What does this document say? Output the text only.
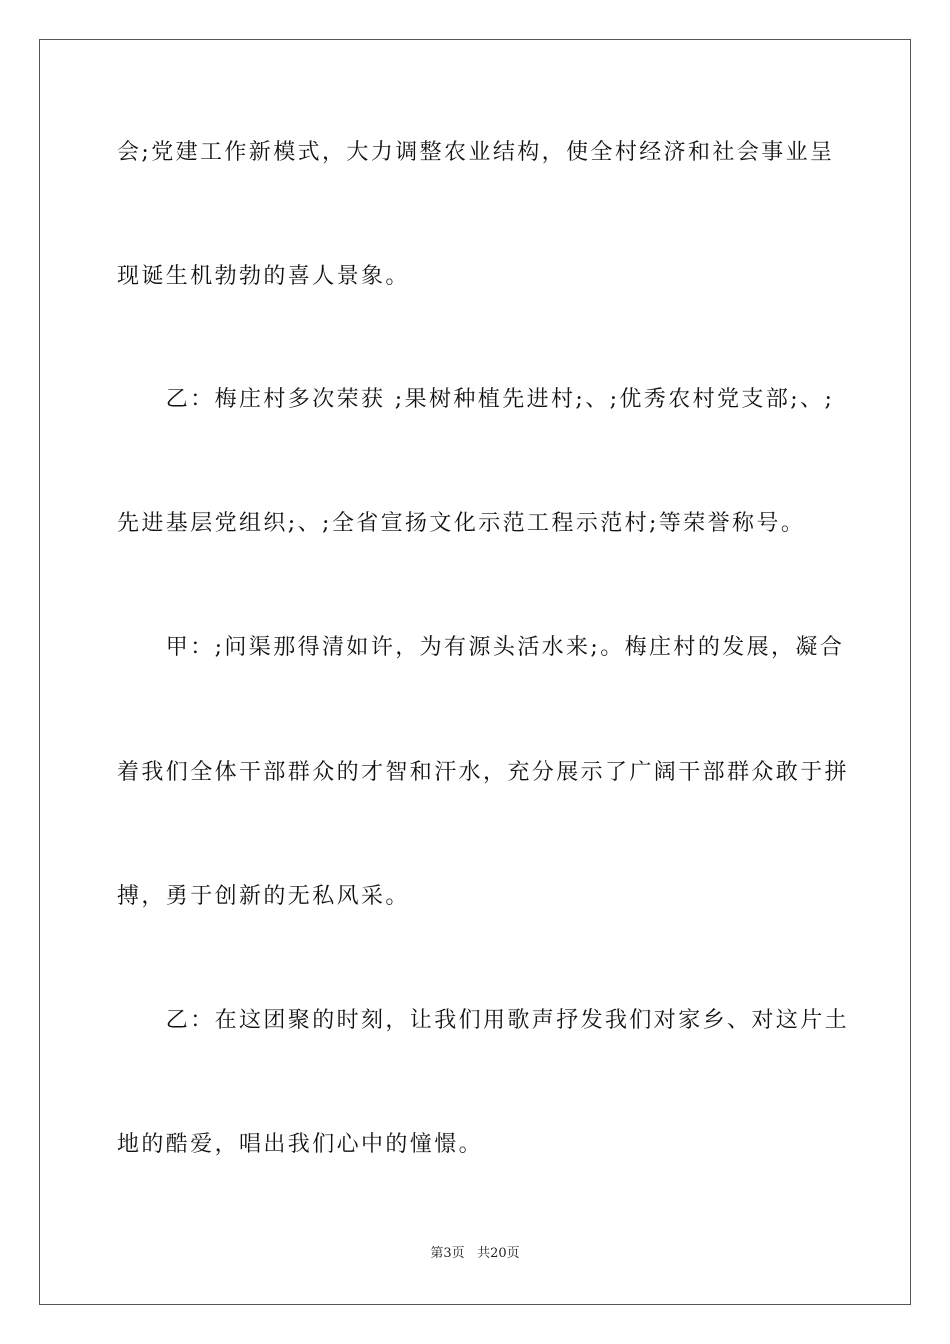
会;党建工作新模式，大力调整农业结构，使全村经济和社会事业呈
现诞生机勃勃的喜人景象。
　　乙：梅庄村多次荣获 ;果树种植先进村;、;优秀农村党支部;、;
先进基层党组织;、;全省宣扬文化示范工程示范村;等荣誉称号。
　　甲：;问渠那得清如许，为有源头活水来;。梅庄村的发展，凝合
着我们全体干部群众的才智和汗水，充分展示了广阔干部群众敢于拼
搏，勇于创新的无私风采。
　　乙：在这团聚的时刻，让我们用歌声抒发我们对家乡、对这片土
地的酷爱，唱出我们心中的憧憬。
第3页 共20页
